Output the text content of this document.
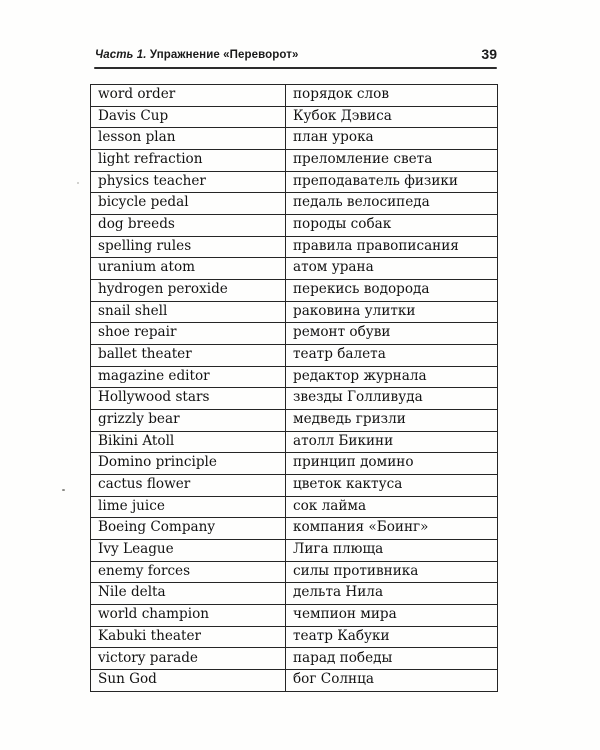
Часть 1. Упражнение «Переворот»	39
word order	порядок слов
Davis Cup	Кубок Дэвиса
lesson plan	план урока
light refraction	преломление света
physics teacher	преподаватель физики
bicycle pedal	педаль велосипеда
dog breeds	породы собак
spelling rules	правила правописания
uranium atom	атом урана
hydrogen peroxide	перекись водорода
snail shell	раковина улитки
shoe repair	ремонт обуви
ballet theater	театр балета
magazine editor	редактор журнала
Hollywood stars	звезды Голливуда
grizzly bear	медведь гризли
Bikini Atoll	атолл Бикини
Domino principle	принцип домино
cactus flower	цветок кактуса
lime juice	сок лайма
Boeing Company	компания «Боинг»
Ivy League	Лига плюща
enemy forces	силы противника
Nile delta	дельта Нила
world champion	чемпион мира
Kabuki theater	театр Кабуки
victory parade	парад победы
Sun God	бог Солнца
